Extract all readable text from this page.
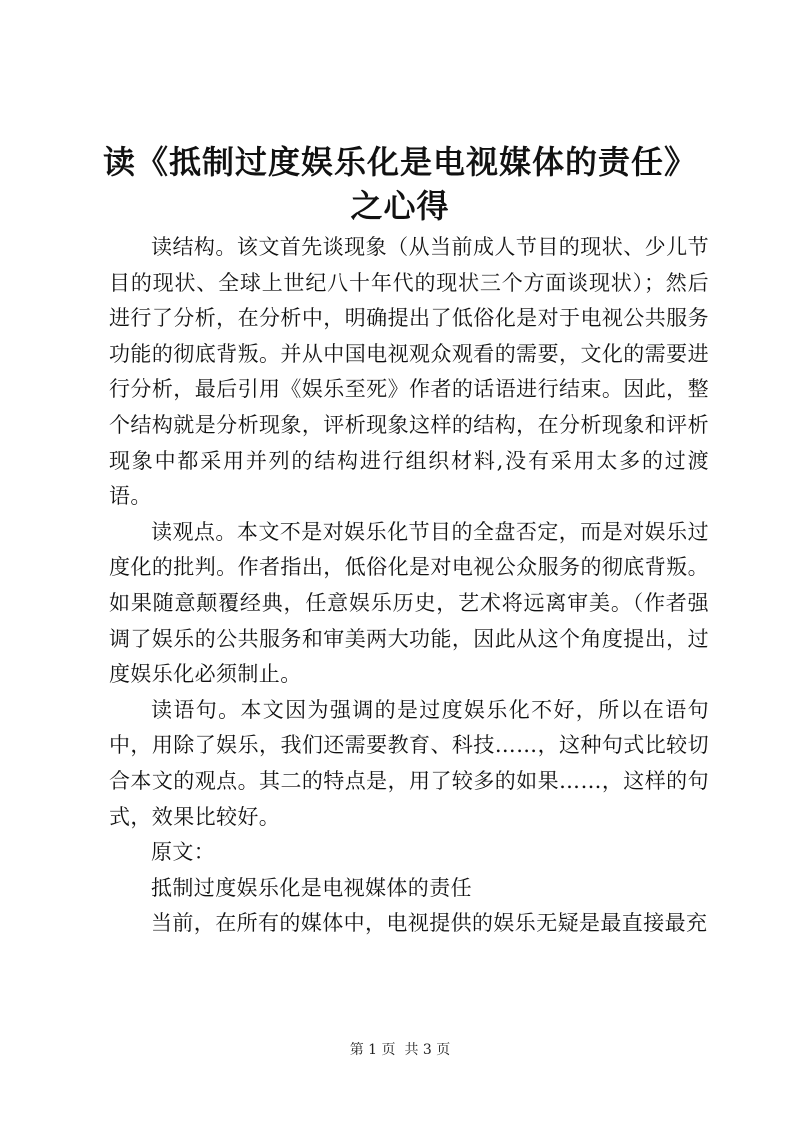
读《抵制过度娱乐化是电视媒体的责任》之心得

读结构。该文首先谈现象（从当前成人节目的现状、少儿节目的现状、全球上世纪八十年代的现状三个方面谈现状）；然后进行了分析，在分析中，明确提出了低俗化是对于电视公共服务功能的彻底背叛。并从中国电视观众观看的需要，文化的需要进行分析，最后引用《娱乐至死》作者的话语进行结束。因此，整个结构就是分析现象，评析现象这样的结构，在分析现象和评析现象中都采用并列的结构进行组织材料,没有采用太多的过渡语。

读观点。本文不是对娱乐化节目的全盘否定，而是对娱乐过度化的批判。作者指出，低俗化是对电视公众服务的彻底背叛。如果随意颠覆经典，任意娱乐历史，艺术将远离审美。（作者强调了娱乐的公共服务和审美两大功能，因此从这个角度提出，过度娱乐化必须制止。

读语句。本文因为强调的是过度娱乐化不好，所以在语句中，用除了娱乐，我们还需要教育、科技……，这种句式比较切合本文的观点。其二的特点是，用了较多的如果……，这样的句式，效果比较好。

原文：

抵制过度娱乐化是电视媒体的责任

当前，在所有的媒体中，电视提供的娱乐无疑是最直接最充

第 1 页  共 3 页
